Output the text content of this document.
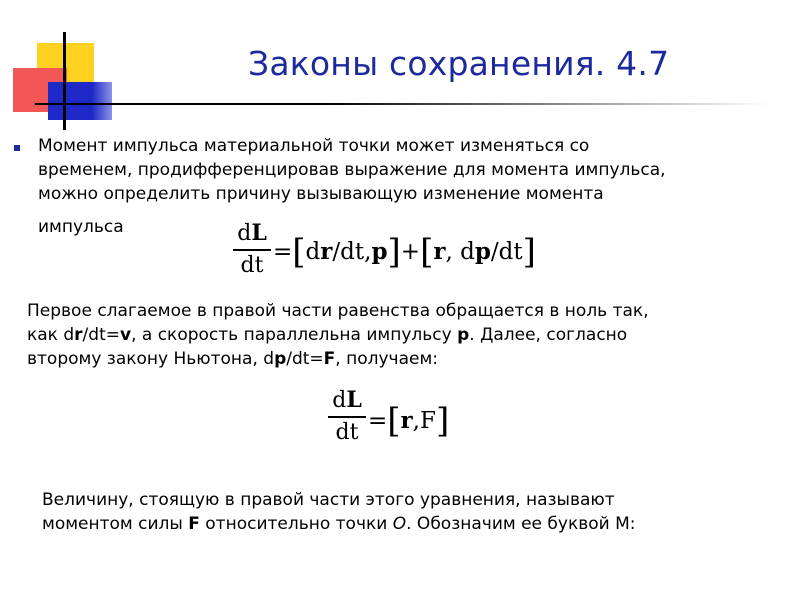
Законы сохранения. 4.7
Момент импульса материальной точки может изменяться со
временем, продифференцировав выражение для момента импульса,
можно определить причину вызывающую изменение момента
импульса	dL
dt =[dr/dt,p]+[r, dp/dt]
Первое слагаемое в правой части равенства обращается в ноль так,
как dr/dt=v, а скорость параллельна импульсу p. Далее, согласно
второму закону Ньютона, dp/dt=F, получаем:
dL
dt =[r,F]
Величину, стоящую в правой части этого уравнения, называют
моментом силы F относительно точки O. Обозначим ее буквой M:
